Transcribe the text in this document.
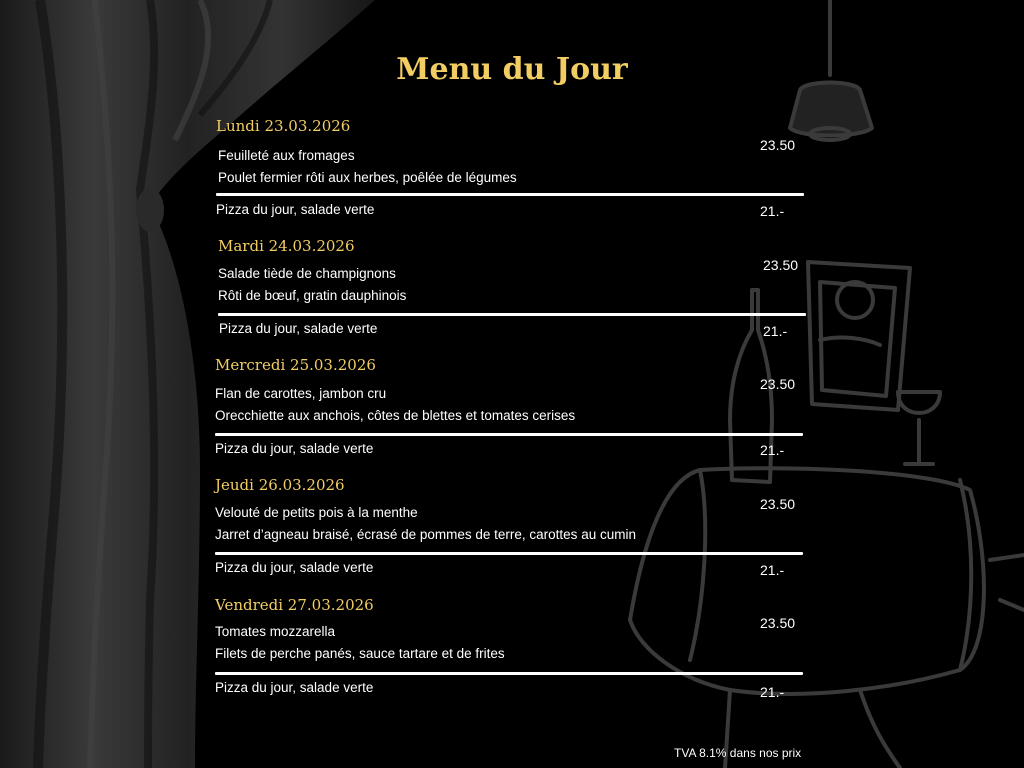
Menu du Jour
Lundi 23.03.2026
Feuilleté aux fromages
Poulet fermier rôti aux herbes, poêlée de légumes
23.50
Pizza du jour, salade verte	21.-
Mardi 24.03.2026
Salade tiède de champignons
Rôti de bœuf, gratin dauphinois
23.50
Pizza du jour, salade verte	21.-
Mercredi 25.03.2026
Flan de carottes, jambon cru
Orecchiette aux anchois, côtes de blettes et tomates cerises
23.50
Pizza du jour, salade verte	21.-
Jeudi 26.03.2026
Velouté de petits pois à la menthe
Jarret d’agneau braisé, écrasé de pommes de terre, carottes au cumin
23.50
Pizza du jour, salade verte	21.-
Vendredi 27.03.2026
Tomates mozzarella
Filets de perche panés, sauce tartare et de frites
23.50
Pizza du jour, salade verte	21.-
TVA 8.1% dans nos prix
